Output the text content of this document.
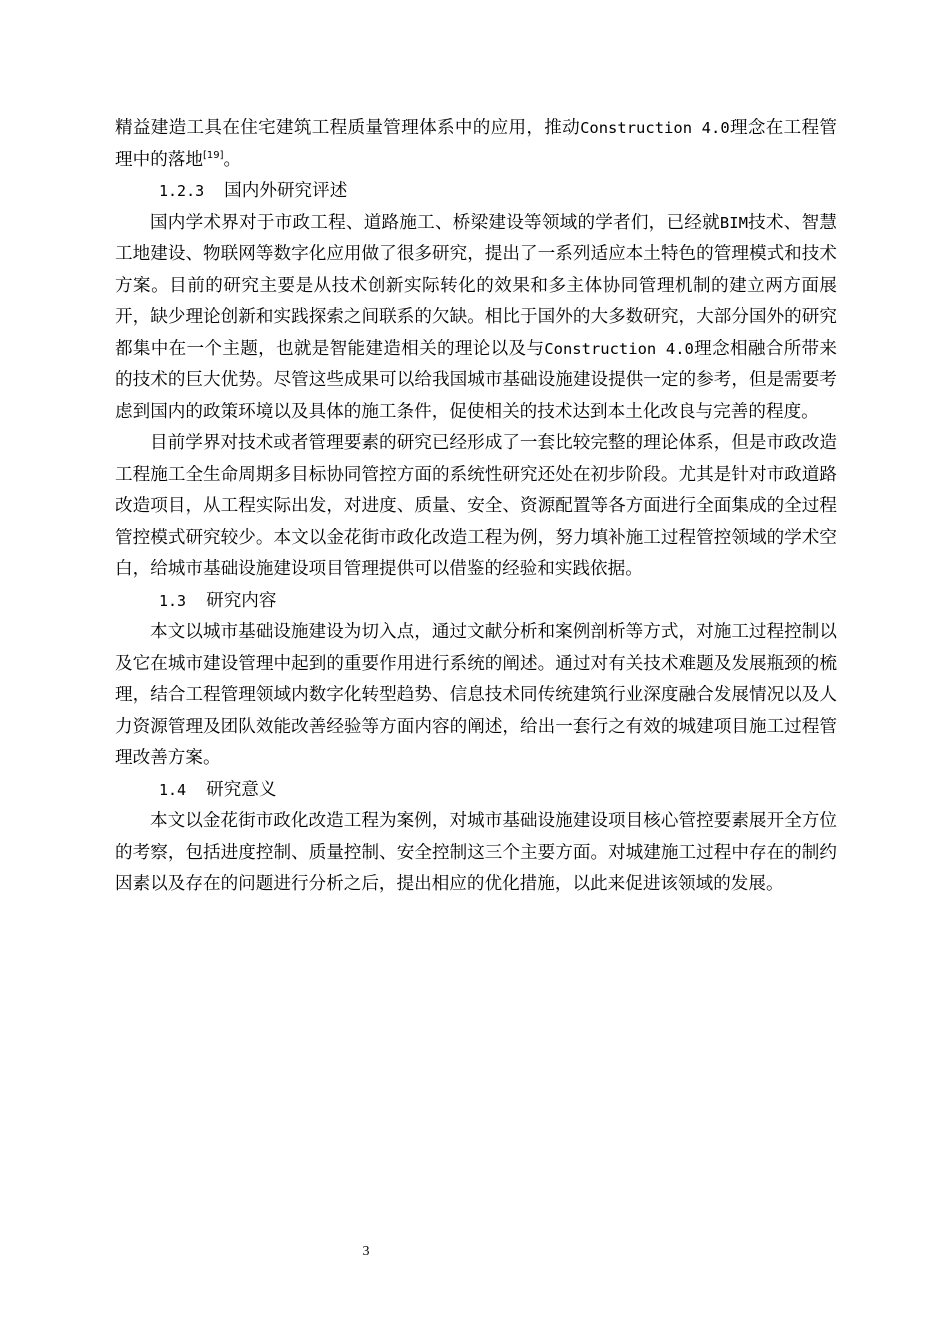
精益建造工具在住宅建筑工程质量管理体系中的应用，推动Construction 4.0理念在工程管理中的落地[19]。

1.2.3 国内外研究评述

国内学术界对于市政工程、道路施工、桥梁建设等领域的学者们，已经就BIM技术、智慧工地建设、物联网等数字化应用做了很多研究，提出了一系列适应本土特色的管理模式和技术方案。目前的研究主要是从技术创新实际转化的效果和多主体协同管理机制的建立两方面展开，缺少理论创新和实践探索之间联系的欠缺。相比于国外的大多数研究，大部分国外的研究都集中在一个主题，也就是智能建造相关的理论以及与Construction 4.0理念相融合所带来的技术的巨大优势。尽管这些成果可以给我国城市基础设施建设提供一定的参考，但是需要考虑到国内的政策环境以及具体的施工条件，促使相关的技术达到本土化改良与完善的程度。

目前学界对技术或者管理要素的研究已经形成了一套比较完整的理论体系，但是市政改造工程施工全生命周期多目标协同管控方面的系统性研究还处在初步阶段。尤其是针对市政道路改造项目，从工程实际出发，对进度、质量、安全、资源配置等各方面进行全面集成的全过程管控模式研究较少。本文以金花街市政化改造工程为例，努力填补施工过程管控领域的学术空白，给城市基础设施建设项目管理提供可以借鉴的经验和实践依据。

1.3 研究内容

本文以城市基础设施建设为切入点，通过文献分析和案例剖析等方式，对施工过程控制以及它在城市建设管理中起到的重要作用进行系统的阐述。通过对有关技术难题及发展瓶颈的梳理，结合工程管理领域内数字化转型趋势、信息技术同传统建筑行业深度融合发展情况以及人力资源管理及团队效能改善经验等方面内容的阐述，给出一套行之有效的城建项目施工过程管理改善方案。

1.4 研究意义

本文以金花街市政化改造工程为案例，对城市基础设施建设项目核心管控要素展开全方位的考察，包括进度控制、质量控制、安全控制这三个主要方面。对城建施工过程中存在的制约因素以及存在的问题进行分析之后，提出相应的优化措施，以此来促进该领域的发展。

3
